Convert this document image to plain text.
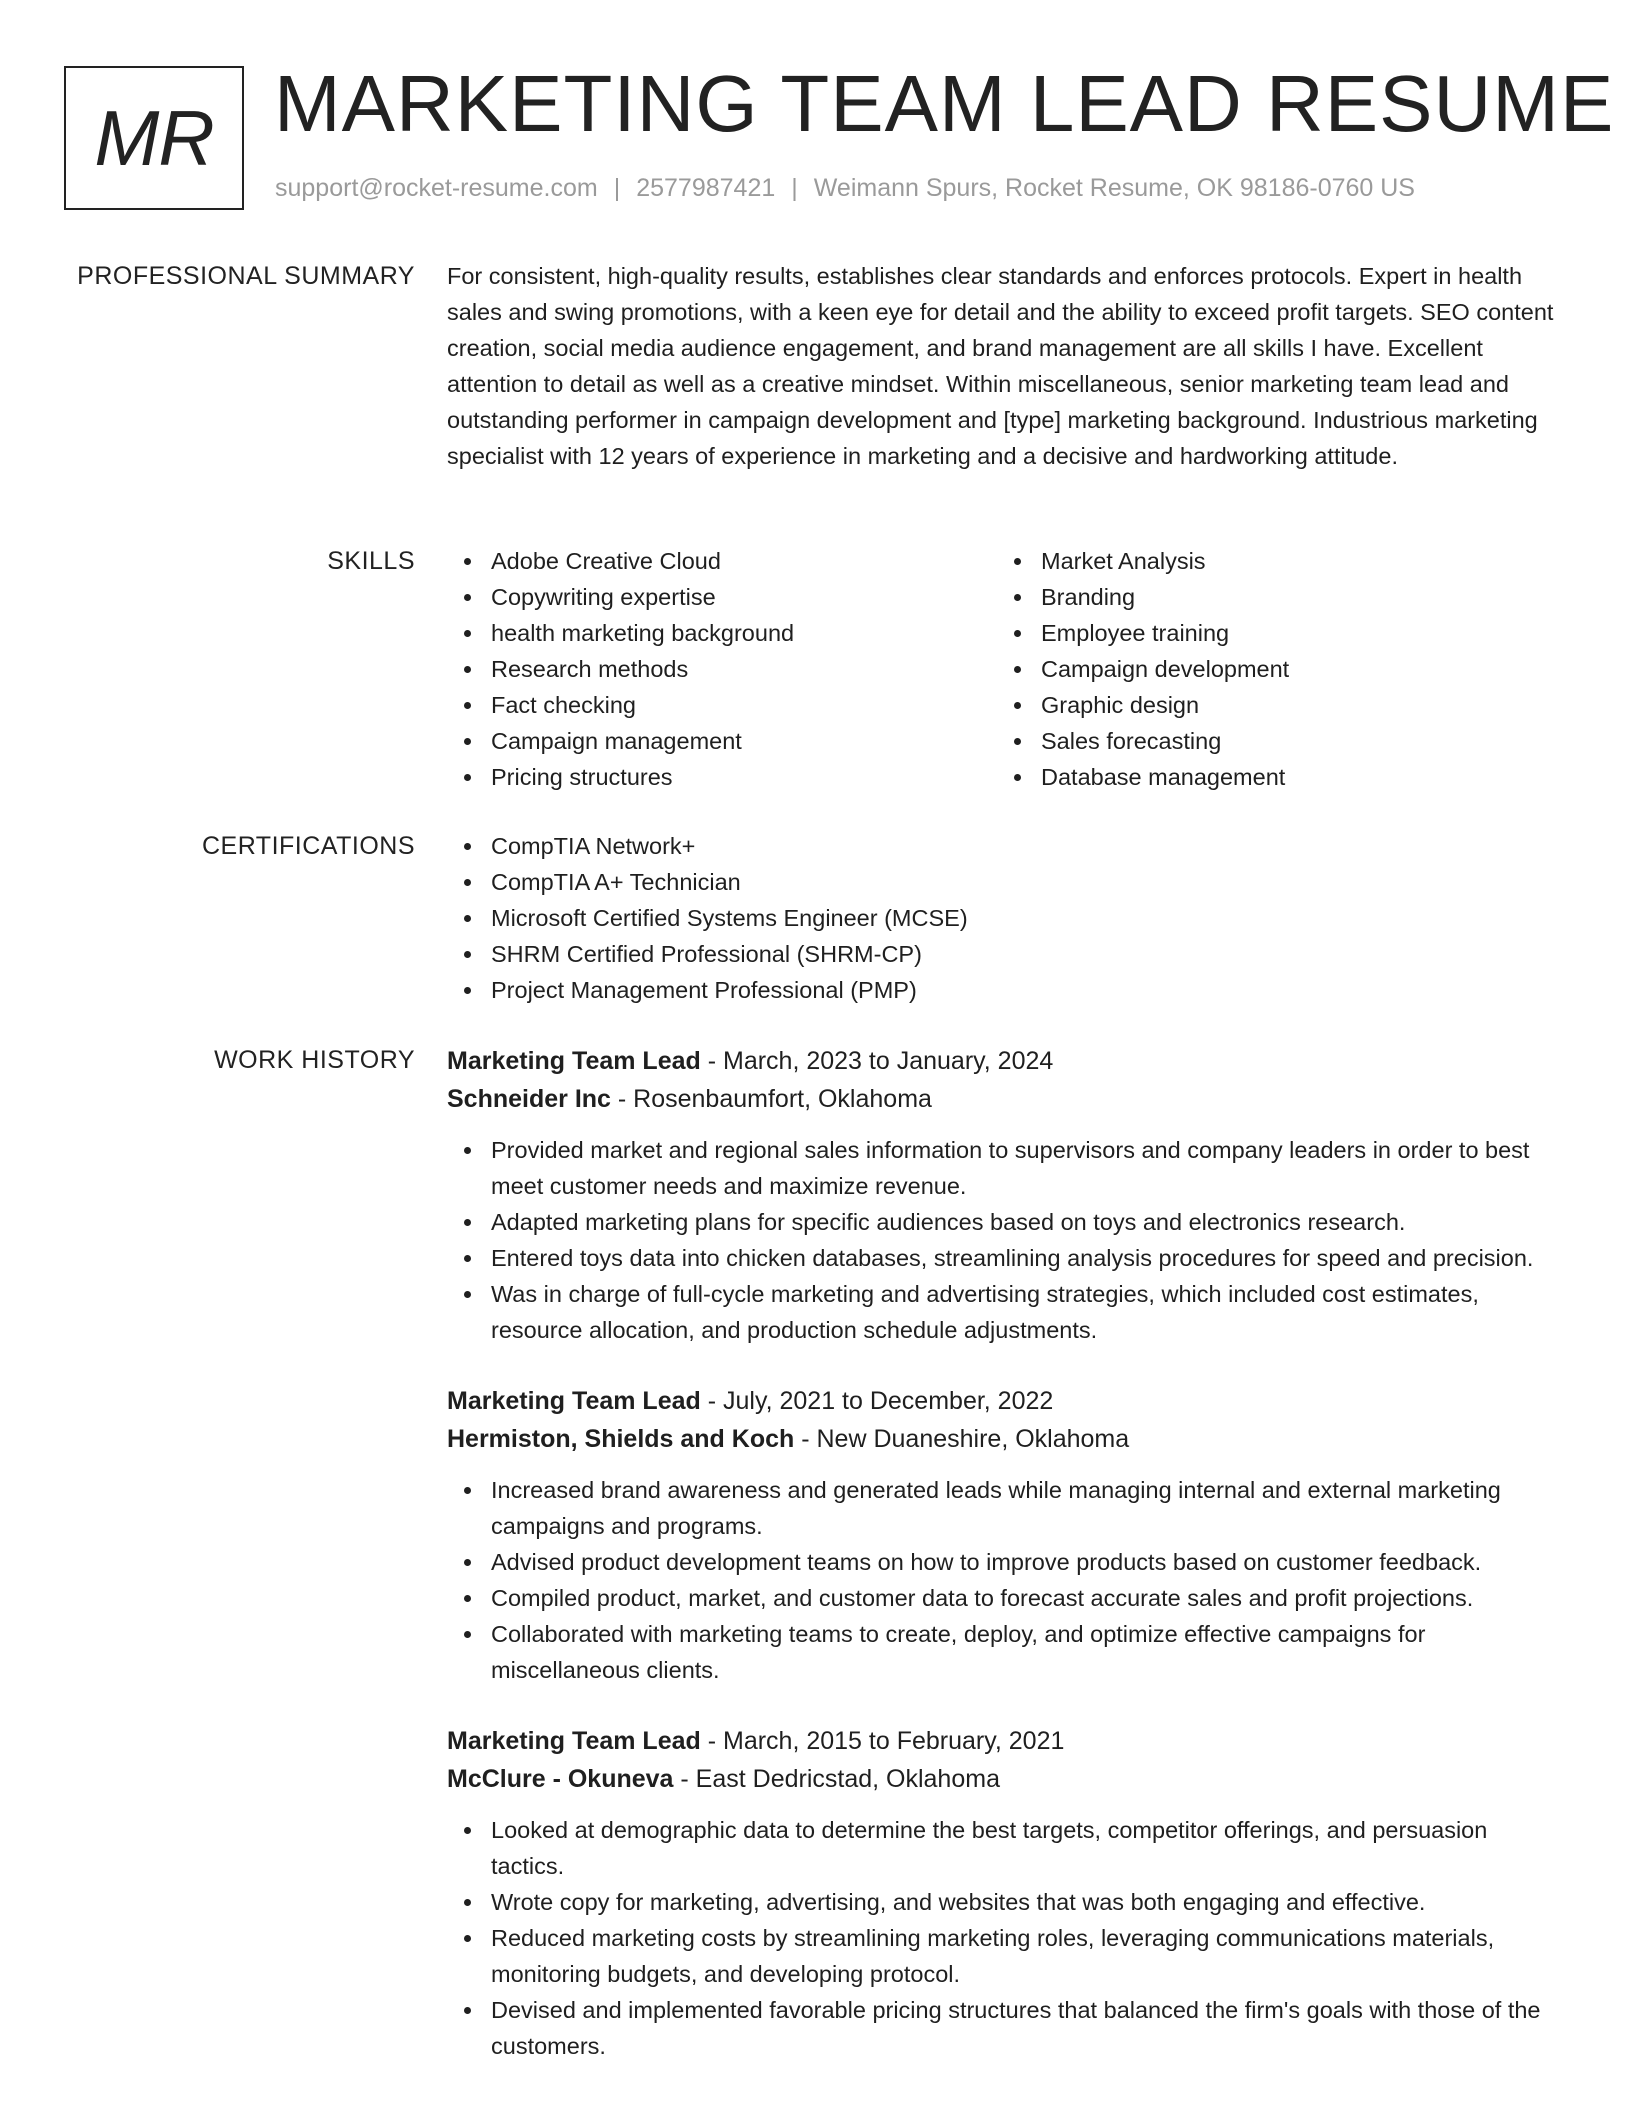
MR MARKETING TEAM LEAD RESUME
support@rocket-resume.com | 2577987421 | Weimann Spurs, Rocket Resume, OK 98186-0760 US
PROFESSIONAL SUMMARY For consistent, high-quality results, establishes clear standards and enforces protocols. Expert in health sales and swing promotions, with a keen eye for detail and the ability to exceed profit targets. SEO content creation, social media audience engagement, and brand management are all skills I have. Excellent attention to detail as well as a creative mindset. Within miscellaneous, senior marketing team lead and outstanding performer in campaign development and [type] marketing background. Industrious marketing specialist with 12 years of experience in marketing and a decisive and hardworking attitude.

SKILLS	Adobe Creative Cloud
Copywriting expertise
health marketing background
Research methods
Fact checking
Campaign management
Pricing structures
Market Analysis
Branding
Employee training
Campaign development
Graphic design
Sales forecasting
Database management
CERTIFICATIONS	CompTIA Network+
CompTIA A+ Technician
Microsoft Certified Systems Engineer (MCSE)
SHRM Certified Professional (SHRM-CP)
Project Management Professional (PMP)
WORK HISTORY Marketing Team Lead - March, 2023 to January, 2024
Schneider Inc - Rosenbaumfort, Oklahoma
Provided market and regional sales information to supervisors and company leaders in order to best meet customer needs and maximize revenue.
Adapted marketing plans for specific audiences based on toys and electronics research.
Entered toys data into chicken databases, streamlining analysis procedures for speed and precision.
Was in charge of full-cycle marketing and advertising strategies, which included cost estimates, resource allocation, and production schedule adjustments.
Marketing Team Lead - July, 2021 to December, 2022
Hermiston, Shields and Koch - New Duaneshire, Oklahoma
Increased brand awareness and generated leads while managing internal and external marketing campaigns and programs.
Advised product development teams on how to improve products based on customer feedback.
Compiled product, market, and customer data to forecast accurate sales and profit projections.
Collaborated with marketing teams to create, deploy, and optimize effective campaigns for miscellaneous clients.
Marketing Team Lead - March, 2015 to February, 2021
McClure - Okuneva - East Dedricstad, Oklahoma
Looked at demographic data to determine the best targets, competitor offerings, and persuasion tactics.
Wrote copy for marketing, advertising, and websites that was both engaging and effective.
Reduced marketing costs by streamlining marketing roles, leveraging communications materials, monitoring budgets, and developing protocol.
Devised and implemented favorable pricing structures that balanced the firm's goals with those of the customers.
